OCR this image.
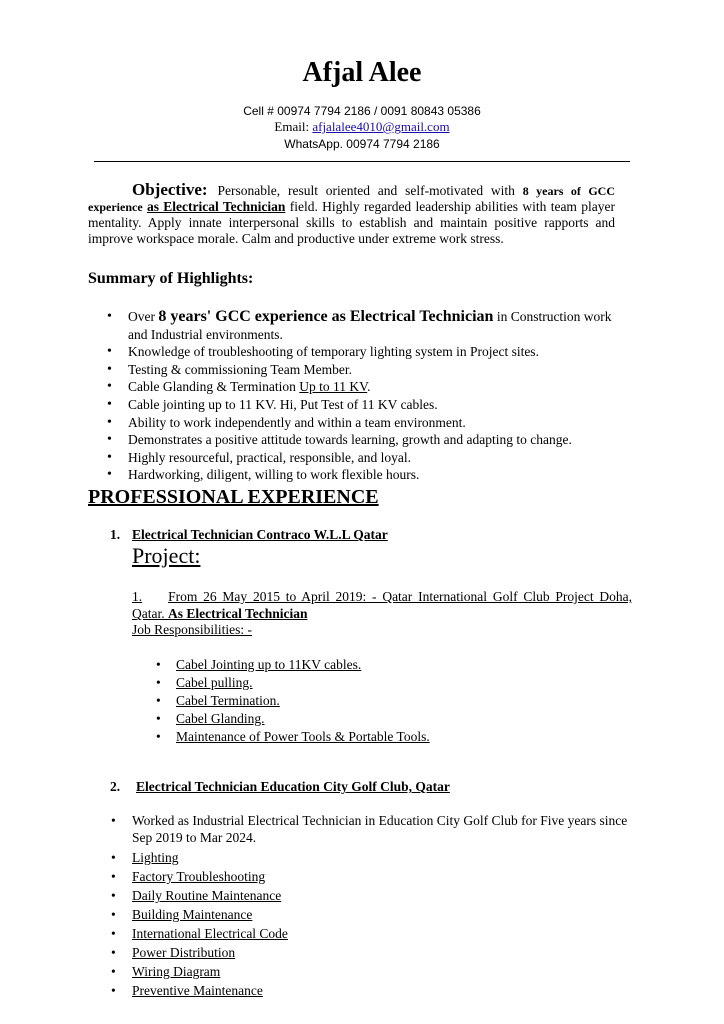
Afjal Alee
Cell # 00974 7794 2186 / 0091 80843 05386
Email: afjalalee4010@gmail.com
WhatsApp. 00974 7794 2186
Objective: Personable, result oriented and self-motivated with 8 years of GCC experience as Electrical Technician field. Highly regarded leadership abilities with team player mentality. Apply innate interpersonal skills to establish and maintain positive rapports and improve workspace morale. Calm and productive under extreme work stress.
Summary of Highlights:
• Over 8 years' GCC experience as Electrical Technician in Construction work and Industrial environments.
• Knowledge of troubleshooting of temporary lighting system in Project sites.
• Testing & commissioning Team Member.
• Cable Glanding & Termination Up to 11 KV.
• Cable jointing up to 11 KV. Hi, Put Test of 11 KV cables.
• Ability to work independently and within a team environment.
• Demonstrates a positive attitude towards learning, growth and adapting to change.
• Highly resourceful, practical, responsible, and loyal.
• Hardworking, diligent, willing to work flexible hours.
PROFESSIONAL EXPERIENCE
1. Electrical Technician Contraco W.L.L Qatar
Project:
1. From 26 May 2015 to April 2019: - Qatar International Golf Club Project Doha, Qatar. As Electrical Technician
Job Responsibilities: -
• Cabel Jointing up to 11KV cables.
• Cabel pulling.
• Cabel Termination.
• Cabel Glanding.
• Maintenance of Power Tools & Portable Tools.
2. Electrical Technician Education City Golf Club, Qatar
• Worked as Industrial Electrical Technician in Education City Golf Club for Five years since Sep 2019 to Mar 2024.
• Lighting
• Factory Troubleshooting
• Daily Routine Maintenance
• Building Maintenance
• International Electrical Code
• Power Distribution
• Wiring Diagram
• Preventive Maintenance
